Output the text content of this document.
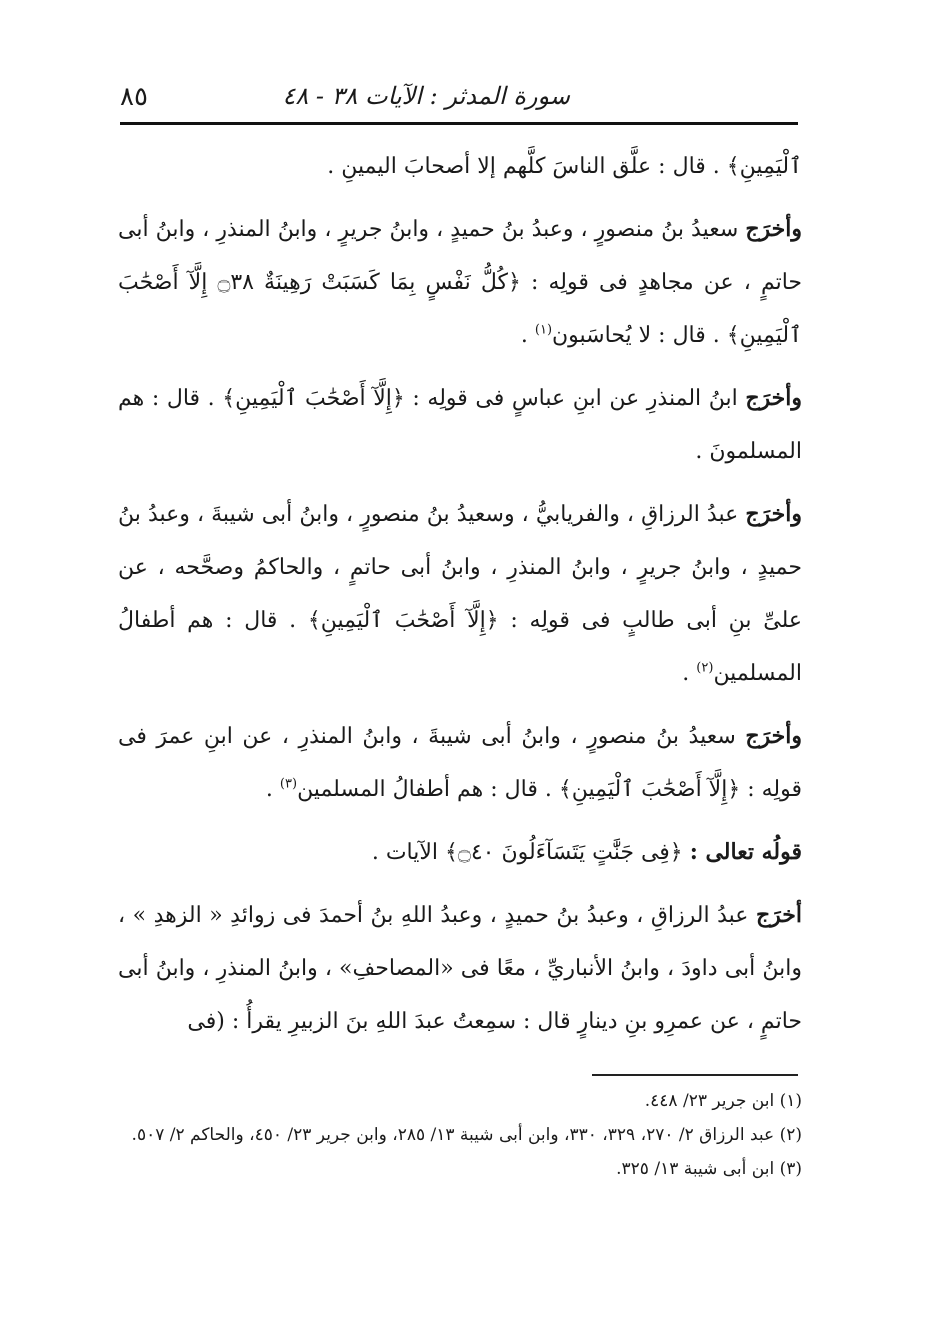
٨٥	سورة المدثر : الآيات ٣٨ - ٤٨

ٱلْيَمِينِ﴾ . قال : علَّق الناسَ كلَّهم إلا أصحابَ اليمينِ .

وأخرَج سعيدُ بنُ منصورٍ ، وعبدُ بنُ حميدٍ ، وابنُ جريرٍ ، وابنُ المنذرِ ، وابنُ أبى حاتمٍ ، عن مجاهدٍ فى قولِه : ﴿كُلُّ نَفْسٍ بِمَا كَسَبَتْ رَهِينَةٌ ۝٣٨ إِلَّآ أَصْحَٰبَ ٱلْيَمِينِ﴾ . قال : لا يُحاسَبون$^{(١)}$ .

وأخرَج ابنُ المنذرِ عن ابنِ عباسٍ فى قولِه : ﴿إِلَّآ أَصْحَٰبَ ٱلْيَمِينِ﴾ . قال : هم المسلمونَ .

وأخرَج عبدُ الرزاقِ ، والفريابيُّ ، وسعيدُ بنُ منصورٍ ، وابنُ أبى شيبةَ ، وعبدُ بنُ حميدٍ ، وابنُ جريرٍ ، وابنُ المنذرِ ، وابنُ أبى حاتمٍ ، والحاكمُ وصحَّحه ، عن علىِّ بنِ أبى طالبٍ فى قولِه : ﴿إِلَّآ أَصْحَٰبَ ٱلْيَمِينِ﴾ . قال : هم أطفالُ المسلمين$^{(٢)}$ .

وأخرَج سعيدُ بنُ منصورٍ ، وابنُ أبى شيبةَ ، وابنُ المنذرِ ، عن ابنِ عمرَ فى قولِه : ﴿إِلَّآ أَصْحَٰبَ ٱلْيَمِينِ﴾ . قال : هم أطفالُ المسلمين$^{(٣)}$ .

قولُه تعالى : ﴿فِى جَنَّٰتٍ يَتَسَآءَلُونَ ۝٤٠﴾ الآيات .

أخرَج عبدُ الرزاقِ ، وعبدُ بنُ حميدٍ ، وعبدُ اللهِ بنُ أحمدَ فى زوائدِ « الزهدِ » ، وابنُ أبى داودَ ، وابنُ الأنباريِّ ، معًا فى «المصاحفِ» ، وابنُ المنذرِ ، وابنُ أبى حاتمٍ ، عن عمرِو بنِ دينارٍ قال : سمِعتُ عبدَ اللهِ بنَ الزبيرِ يقرأُ : (فى

(١) ابن جرير ٢٣/ ٤٤٨.

(٢) عبد الرزاق ٢/ ٢٧٠، ٣٢٩، ٣٣٠، وابن أبى شيبة ١٣/ ٢٨٥، وابن جرير ٢٣/ ٤٥٠، والحاكم ٢/ ٥٠٧.

(٣) ابن أبى شيبة ١٣/ ٣٢٥.
